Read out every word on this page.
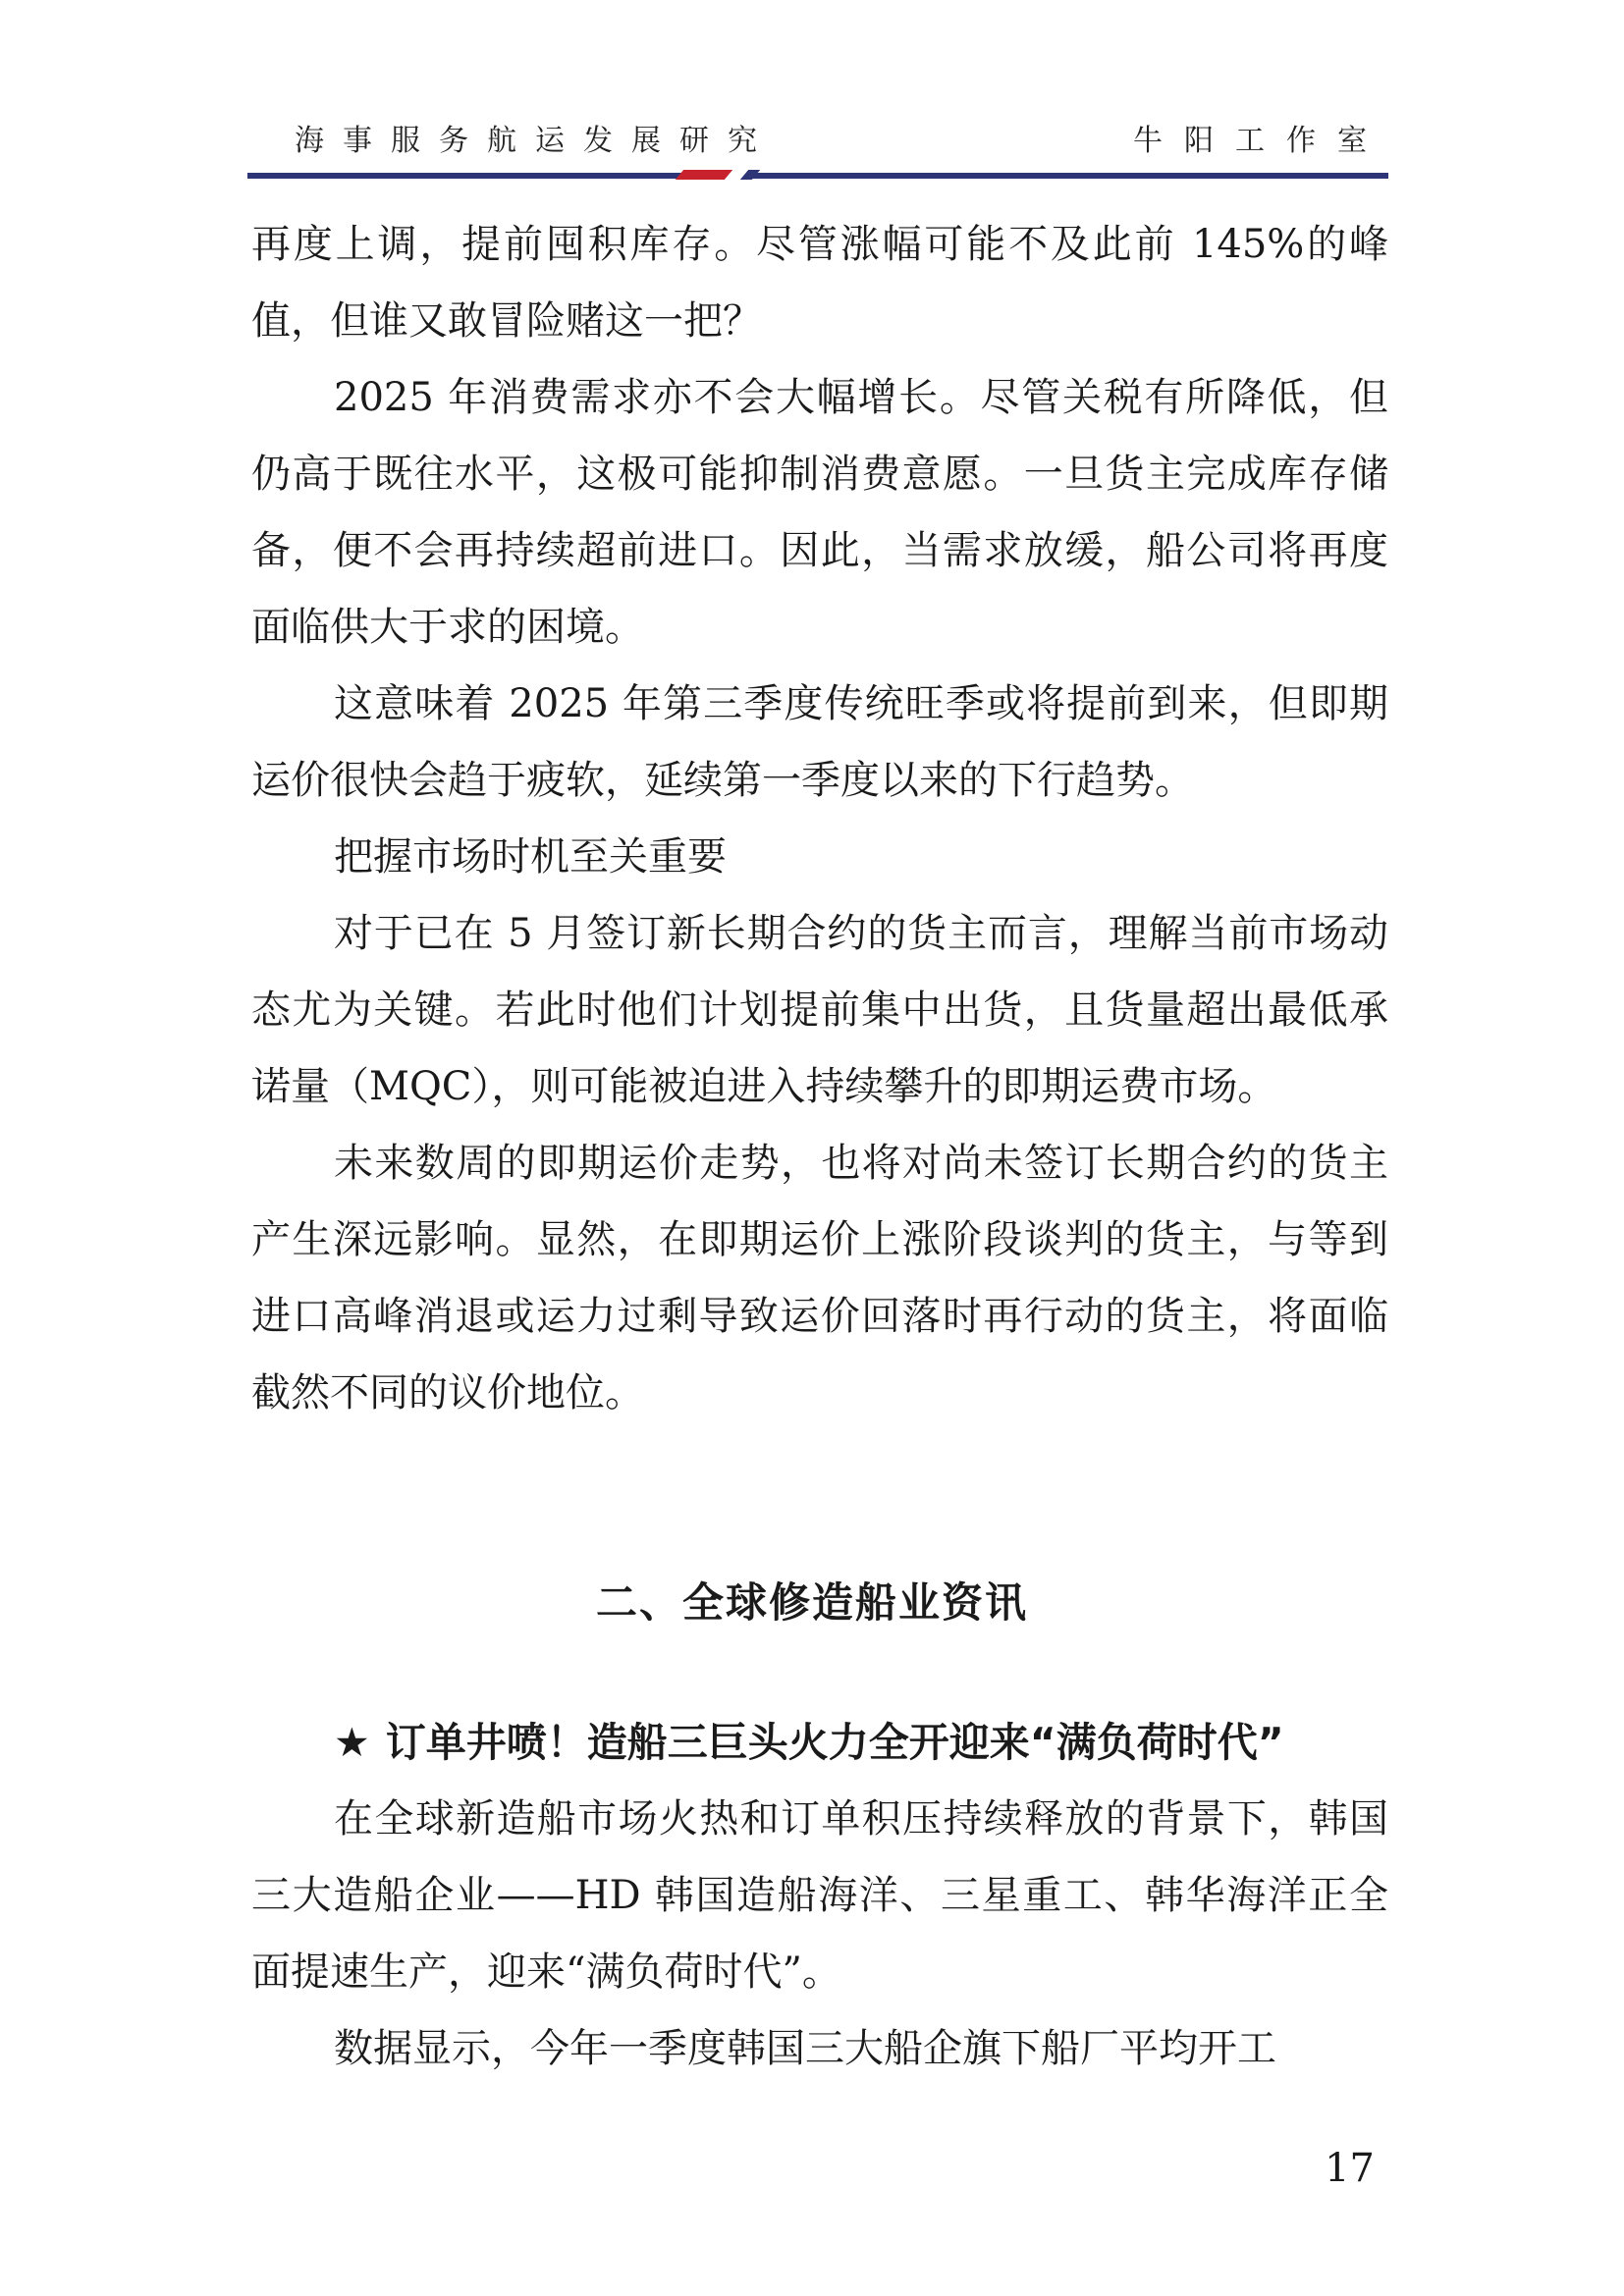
海事服务航运发展研究	牛阳工作室

再度上调，提前囤积库存。尽管涨幅可能不及此前 145%的峰值，但谁又敢冒险赌这一把？

2025 年消费需求亦不会大幅增长。尽管关税有所降低，但仍高于既往水平，这极可能抑制消费意愿。一旦货主完成库存储备，便不会再持续超前进口。因此，当需求放缓，船公司将再度面临供大于求的困境。

这意味着 2025 年第三季度传统旺季或将提前到来，但即期运价很快会趋于疲软，延续第一季度以来的下行趋势。

把握市场时机至关重要

对于已在 5 月签订新长期合约的货主而言，理解当前市场动态尤为关键。若此时他们计划提前集中出货，且货量超出最低承诺量（MQC），则可能被迫进入持续攀升的即期运费市场。

未来数周的即期运价走势，也将对尚未签订长期合约的货主产生深远影响。显然，在即期运价上涨阶段谈判的货主，与等到进口高峰消退或运力过剩导致运价回落时再行动的货主，将面临截然不同的议价地位。

二、全球修造船业资讯

★ 订单井喷！造船三巨头火力全开迎来“满负荷时代”

在全球新造船市场火热和订单积压持续释放的背景下，韩国三大造船企业——HD 韩国造船海洋、三星重工、韩华海洋正全面提速生产，迎来“满负荷时代”。

数据显示，今年一季度韩国三大船企旗下船厂平均开工

17
